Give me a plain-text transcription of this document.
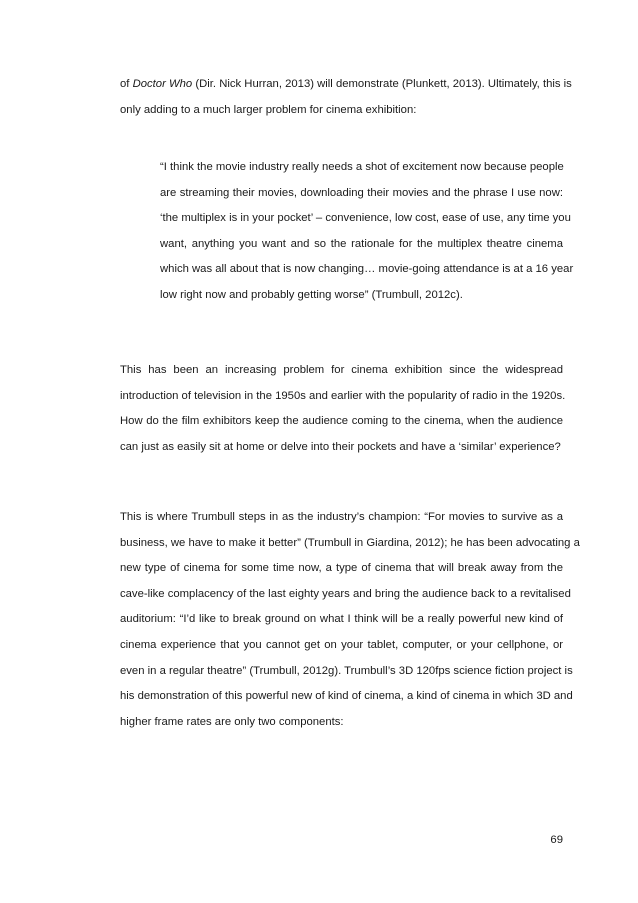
of Doctor Who (Dir. Nick Hurran, 2013) will demonstrate (Plunkett, 2013). Ultimately, this is
only adding to a much larger problem for cinema exhibition:
“I think the movie industry really needs a shot of excitement now because people
are streaming their movies, downloading their movies and the phrase I use now:
‘the multiplex is in your pocket’ – convenience, low cost, ease of use, any time you
want, anything you want and so the rationale for the multiplex theatre cinema
which was all about that is now changing… movie-going attendance is at a 16 year
low right now and probably getting worse” (Trumbull, 2012c).
This has been an increasing problem for cinema exhibition since the widespread
introduction of television in the 1950s and earlier with the popularity of radio in the 1920s.
How do the film exhibitors keep the audience coming to the cinema, when the audience
can just as easily sit at home or delve into their pockets and have a ‘similar’ experience?
This is where Trumbull steps in as the industry’s champion: “For movies to survive as a
business, we have to make it better” (Trumbull in Giardina, 2012); he has been advocating a
new type of cinema for some time now, a type of cinema that will break away from the
cave-like complacency of the last eighty years and bring the audience back to a revitalised
auditorium: “I’d like to break ground on what I think will be a really powerful new kind of
cinema experience that you cannot get on your tablet, computer, or your cellphone, or
even in a regular theatre” (Trumbull, 2012g). Trumbull’s 3D 120fps science fiction project is
his demonstration of this powerful new of kind of cinema, a kind of cinema in which 3D and
higher frame rates are only two components:
69
